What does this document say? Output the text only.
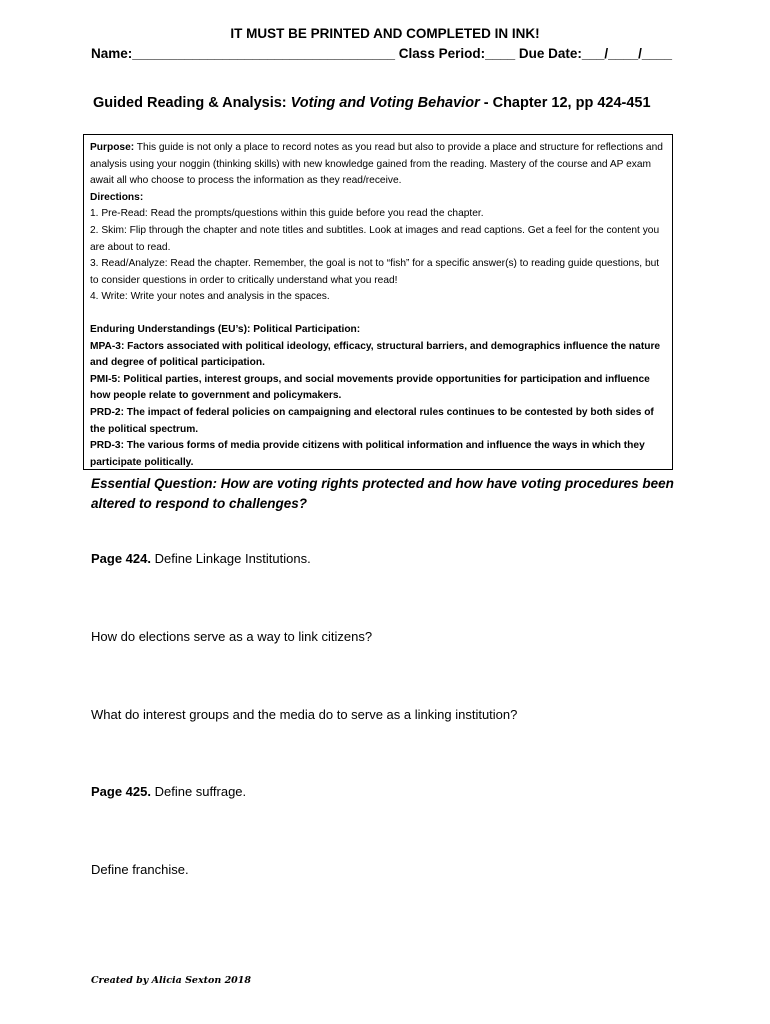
IT MUST BE PRINTED AND COMPLETED IN INK!
Name:___________________________________ Class Period:____ Due Date:___/____/____
Guided Reading & Analysis: Voting and Voting Behavior - Chapter 12, pp 424-451

Purpose: This guide is not only a place to record notes as you read but also to provide a place and structure for reflections and analysis using your noggin (thinking skills) with new knowledge gained from the reading. Mastery of the course and AP exam await all who choose to process the information as they read/receive.

Directions:

1. Pre-Read: Read the prompts/questions within this guide before you read the chapter.

2. Skim: Flip through the chapter and note titles and subtitles. Look at images and read captions. Get a feel for the content you are about to read.

3. Read/Analyze: Read the chapter. Remember, the goal is not to “fish” for a specific answer(s) to reading guide questions, but to consider questions in order to critically understand what you read!

4. Write: Write your notes and analysis in the spaces.

Enduring Understandings (EU’s): Political Participation:

MPA-3: Factors associated with political ideology, efficacy, structural barriers, and demographics influence the nature and degree of political participation.

PMI-5: Political parties, interest groups, and social movements provide opportunities for participation and influence how people relate to government and policymakers.

PRD-2: The impact of federal policies on campaigning and electoral rules continues to be contested by both sides of the political spectrum.

PRD-3: The various forms of media provide citizens with political information and influence the ways in which they participate politically.

Essential Question: How are voting rights protected and how have voting procedures been altered to respond to challenges?
Page 424. Define Linkage Institutions.
How do elections serve as a way to link citizens?
What do interest groups and the media do to serve as a linking institution?
Page 425. Define suffrage.
Define franchise.
Created by Alicia Sexton 2018
